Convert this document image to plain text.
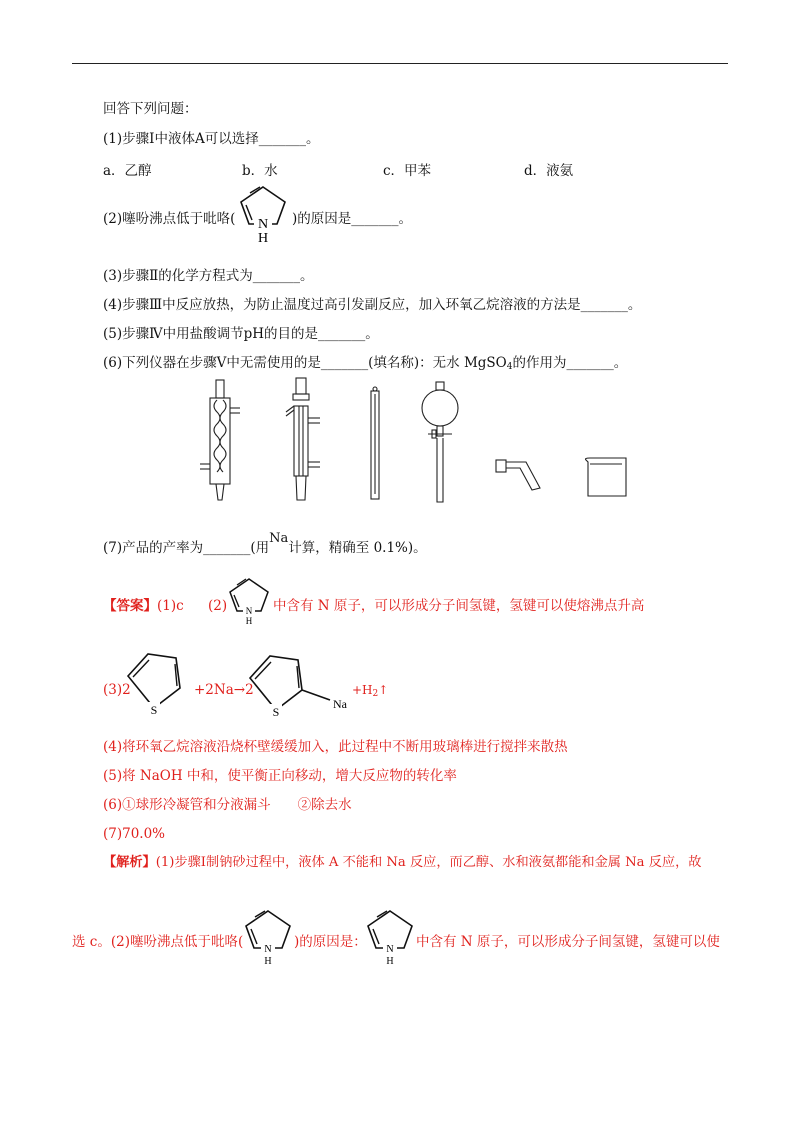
回答下列问题：
(1)步骤Ⅰ中液体A可以选择_______。
a．乙醇	b．水	c．甲苯	d．液氨
(2)噻吩沸点低于吡咯( N
H
)的原因是_______。
(3)步骤Ⅱ的化学方程式为_______。
(4)步骤Ⅲ中反应放热，为防止温度过高引发副反应，加入环氧乙烷溶液的方法是_______。
(5)步骤Ⅳ中用盐酸调节pH的目的是_______。
(6)下列仪器在步骤Ⅴ中无需使用的是_______(填名称)：无水 MgSO$_4$的作用为_______。
(7)产品的产率为_______(用Na计算，精确至 0.1%)。
【答案】(1)c (2) N
H
中含有 N 原子，可以形成分子间氢键，氢键可以使熔沸点升高
(3)2
S
+2Na→2
S
Na
$+H_2↑$
(4)将环氧乙烷溶液沿烧杯壁缓缓加入，此过程中不断用玻璃棒进行搅拌来散热
(5)将 NaOH 中和，使平衡正向移动，增大反应物的转化率
(6)①球形冷凝管和分液漏斗　　②除去水
(7)70.0%
【解析】(1)步骤Ⅰ制钠砂过程中，液体 A 不能和 Na 反应，而乙醇、水和液氨都能和金属 Na 反应，故
选 c。(2)噻吩沸点低于吡咯( N
H
)的原因是： N
H
中含有 N 原子，可以形成分子间氢键，氢键可以使
